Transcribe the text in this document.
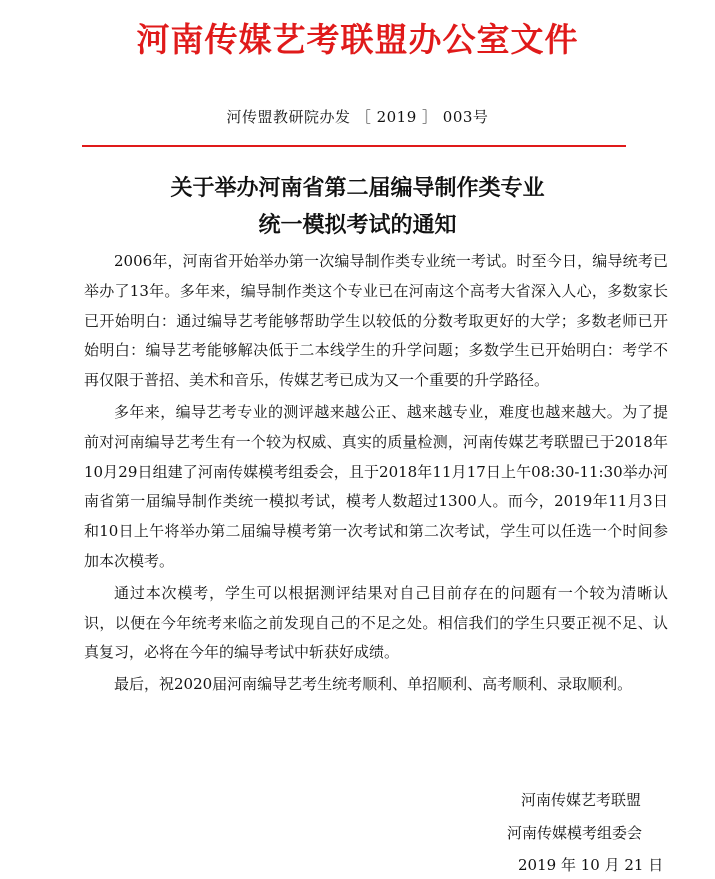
河南传媒艺考联盟办公室文件
河传盟教研院办发 ［ 2019 ］ 003号
关于举办河南省第二届编导制作类专业
统一模拟考试的通知

2006年，河南省开始举办第一次编导制作类专业统一考试。时至今日，编导统考已举办了13年。多年来，编导制作类这个专业已在河南这个高考大省深入人心，多数家长已开始明白：通过编导艺考能够帮助学生以较低的分数考取更好的大学；多数老师已开始明白：编导艺考能够解决低于二本线学生的升学问题；多数学生已开始明白：考学不再仅限于普招、美术和音乐，传媒艺考已成为又一个重要的升学路径。

多年来，编导艺考专业的测评越来越公正、越来越专业，难度也越来越大。为了提前对河南编导艺考生有一个较为权威、真实的质量检测，河南传媒艺考联盟已于2018年10月29日组建了河南传媒模考组委会，且于2018年11月17日上午08:30-11:30举办河南省第一届编导制作类统一模拟考试，模考人数超过1300人。而今，2019年11月3日和10日上午将举办第二届编导模考第一次考试和第二次考试，学生可以任选一个时间参加本次模考。

通过本次模考，学生可以根据测评结果对自己目前存在的问题有一个较为清晰认识，以便在今年统考来临之前发现自己的不足之处。相信我们的学生只要正视不足、认真复习，必将在今年的编导考试中斩获好成绩。

最后，祝2020届河南编导艺考生统考顺利、单招顺利、高考顺利、录取顺利。

河南传媒艺考联盟
河南传媒模考组委会
2019 年 10 月 21 日
